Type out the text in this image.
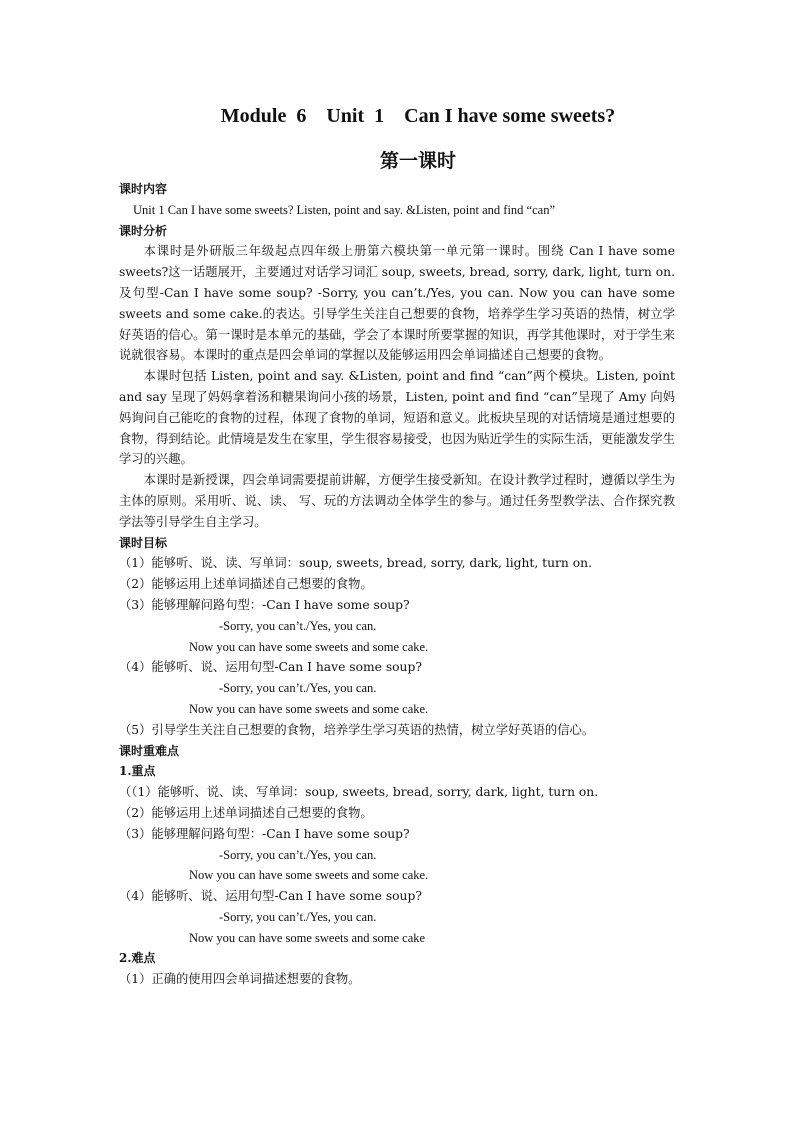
Module  6    Unit  1    Can I have some sweets?
第一课时

课时内容

Unit 1 Can I have some sweets? Listen, point and say. &Listen, point and find “can”

课时分析

本课时是外研版三年级起点四年级上册第六模块第一单元第一课时。围绕 Can I have some sweets?这一话题展开，主要通过对话学习词汇 soup, sweets, bread, sorry, dark, light, turn on.及句型-Can I have some soup? -Sorry, you can’t./Yes, you can. Now you can have some sweets and some cake.的表达。引导学生关注自己想要的食物，培养学生学习英语的热情，树立学好英语的信心。第一课时是本单元的基础，学会了本课时所要掌握的知识，再学其他课时，对于学生来说就很容易。本课时的重点是四会单词的掌握以及能够运用四会单词描述自己想要的食物。

本课时包括 Listen, point and say. &Listen, point and find “can”两个模块。Listen, point and say 呈现了妈妈拿着汤和糖果询问小孩的场景，Listen, point and find “can”呈现了 Amy 向妈妈询问自己能吃的食物的过程，体现了食物的单词，短语和意义。此板块呈现的对话情境是通过想要的食物，得到结论。此情境是发生在家里，学生很容易接受，也因为贴近学生的实际生活，更能激发学生学习的兴趣。

本课时是新授课，四会单词需要提前讲解，方便学生接受新知。在设计教学过程时，遵循以学生为主体的原则。采用听、说、读、 写、玩的方法调动全体学生的参与。通过任务型教学法、合作探究教学法等引导学生自主学习。

课时目标

（1）能够听、说、读、写单词：soup, sweets, bread, sorry, dark, light, turn on.

（2）能够运用上述单词描述自己想要的食物。

（3）能够理解问路句型：-Can I have some soup?

-Sorry, you can’t./Yes, you can.

Now you can have some sweets and some cake.

（4）能够听、说、运用句型-Can I have some soup?

-Sorry, you can’t./Yes, you can.

Now you can have some sweets and some cake.

（5）引导学生关注自己想要的食物，培养学生学习英语的热情，树立学好英语的信心。

课时重难点

1.重点

（（1）能够听、说、读、写单词：soup, sweets, bread, sorry, dark, light, turn on.

（2）能够运用上述单词描述自己想要的食物。

（3）能够理解问路句型：-Can I have some soup?

-Sorry, you can’t./Yes, you can.

Now you can have some sweets and some cake.

（4）能够听、说、运用句型-Can I have some soup?

-Sorry, you can’t./Yes, you can.

Now you can have some sweets and some cake

2.难点

（1）正确的使用四会单词描述想要的食物。
